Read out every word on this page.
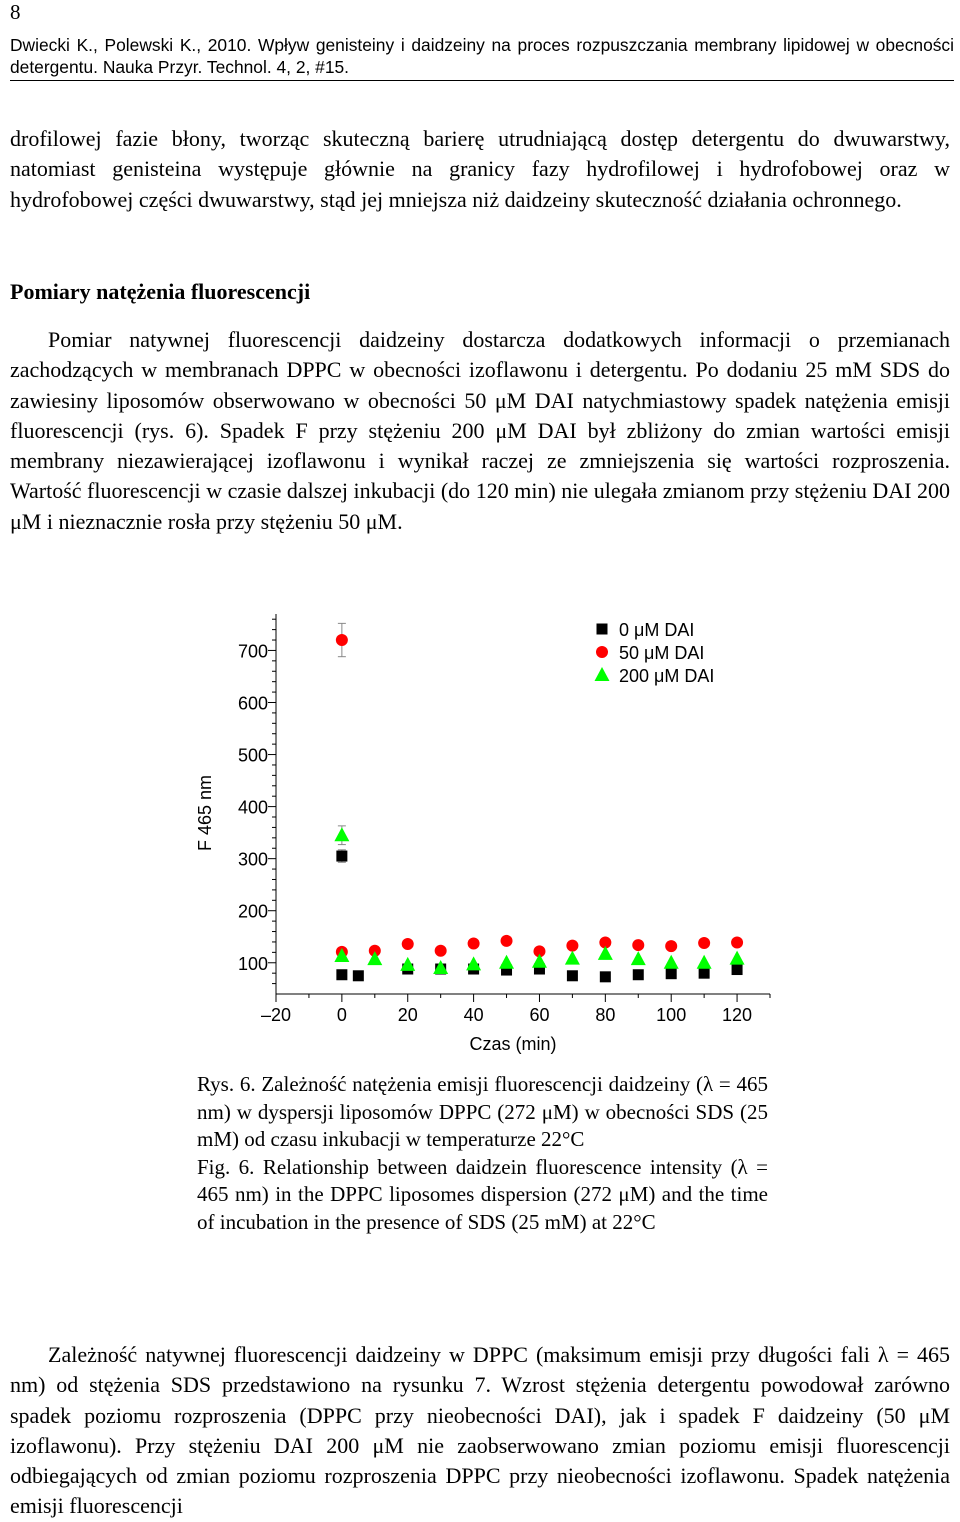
8
Dwiecki K., Polewski K., 2010. Wpływ genisteiny i daidzeiny na proces rozpuszczania membrany lipidowej w obecności detergentu. Nauka Przyr. Technol. 4, 2, #15.
drofilowej fazie błony, tworząc skuteczną barierę utrudniającą dostęp detergentu do dwuwarstwy, natomiast genisteina występuje głównie na granicy fazy hydrofilowej i hydrofobowej oraz w hydrofobowej części dwuwarstwy, stąd jej mniejsza niż daidzeiny skuteczność działania ochronnego.
Pomiary natężenia fluorescencji
Pomiar natywnej fluorescencji daidzeiny dostarcza dodatkowych informacji o przemianach zachodzących w membranach DPPC w obecności izoflawonu i detergentu. Po dodaniu 25 mM SDS do zawiesiny liposomów obserwowano w obecności 50 μM DAI natychmiastowy spadek natężenia emisji fluorescencji (rys. 6). Spadek F przy stężeniu 200 μM DAI był zbliżony do zmian wartości emisji membrany niezawierającej izoflawonu i wynikał raczej ze zmniejszenia się wartości rozproszenia. Wartość fluorescencji w czasie dalszej inkubacji (do 120 min) nie ulegała zmianom przy stężeniu DAI 200 μM i nieznacznie rosła przy stężeniu 50 μM.
100
200
300
400
500
600
700
–20	0	20	40	60	80 100 120
0 μM DAI
50 μM DAI
200 μM DAI
Czas (min)
F 465 nm

Rys. 6. Zależność natężenia emisji fluorescencji daidzeiny (λ = 465 nm) w dyspersji liposomów DPPC (272 μM) w obecności SDS (25 mM) od czasu inkubacji w temperaturze 22°C

Fig. 6. Relationship between daidzein fluorescence intensity (λ = 465 nm) in the DPPC liposomes dispersion (272 μM) and the time of incubation in the presence of SDS (25 mM) at 22°C

Zależność natywnej fluorescencji daidzeiny w DPPC (maksimum emisji przy długości fali λ = 465 nm) od stężenia SDS przedstawiono na rysunku 7. Wzrost stężenia detergentu powodował zarówno spadek poziomu rozproszenia (DPPC przy nieobecności DAI), jak i spadek F daidzeiny (50 μM izoflawonu). Przy stężeniu DAI 200 μM nie zaobserwowano zmian poziomu emisji fluorescencji odbiegających od zmian poziomu rozproszenia DPPC przy nieobecności izoflawonu. Spadek natężenia emisji fluorescencji
